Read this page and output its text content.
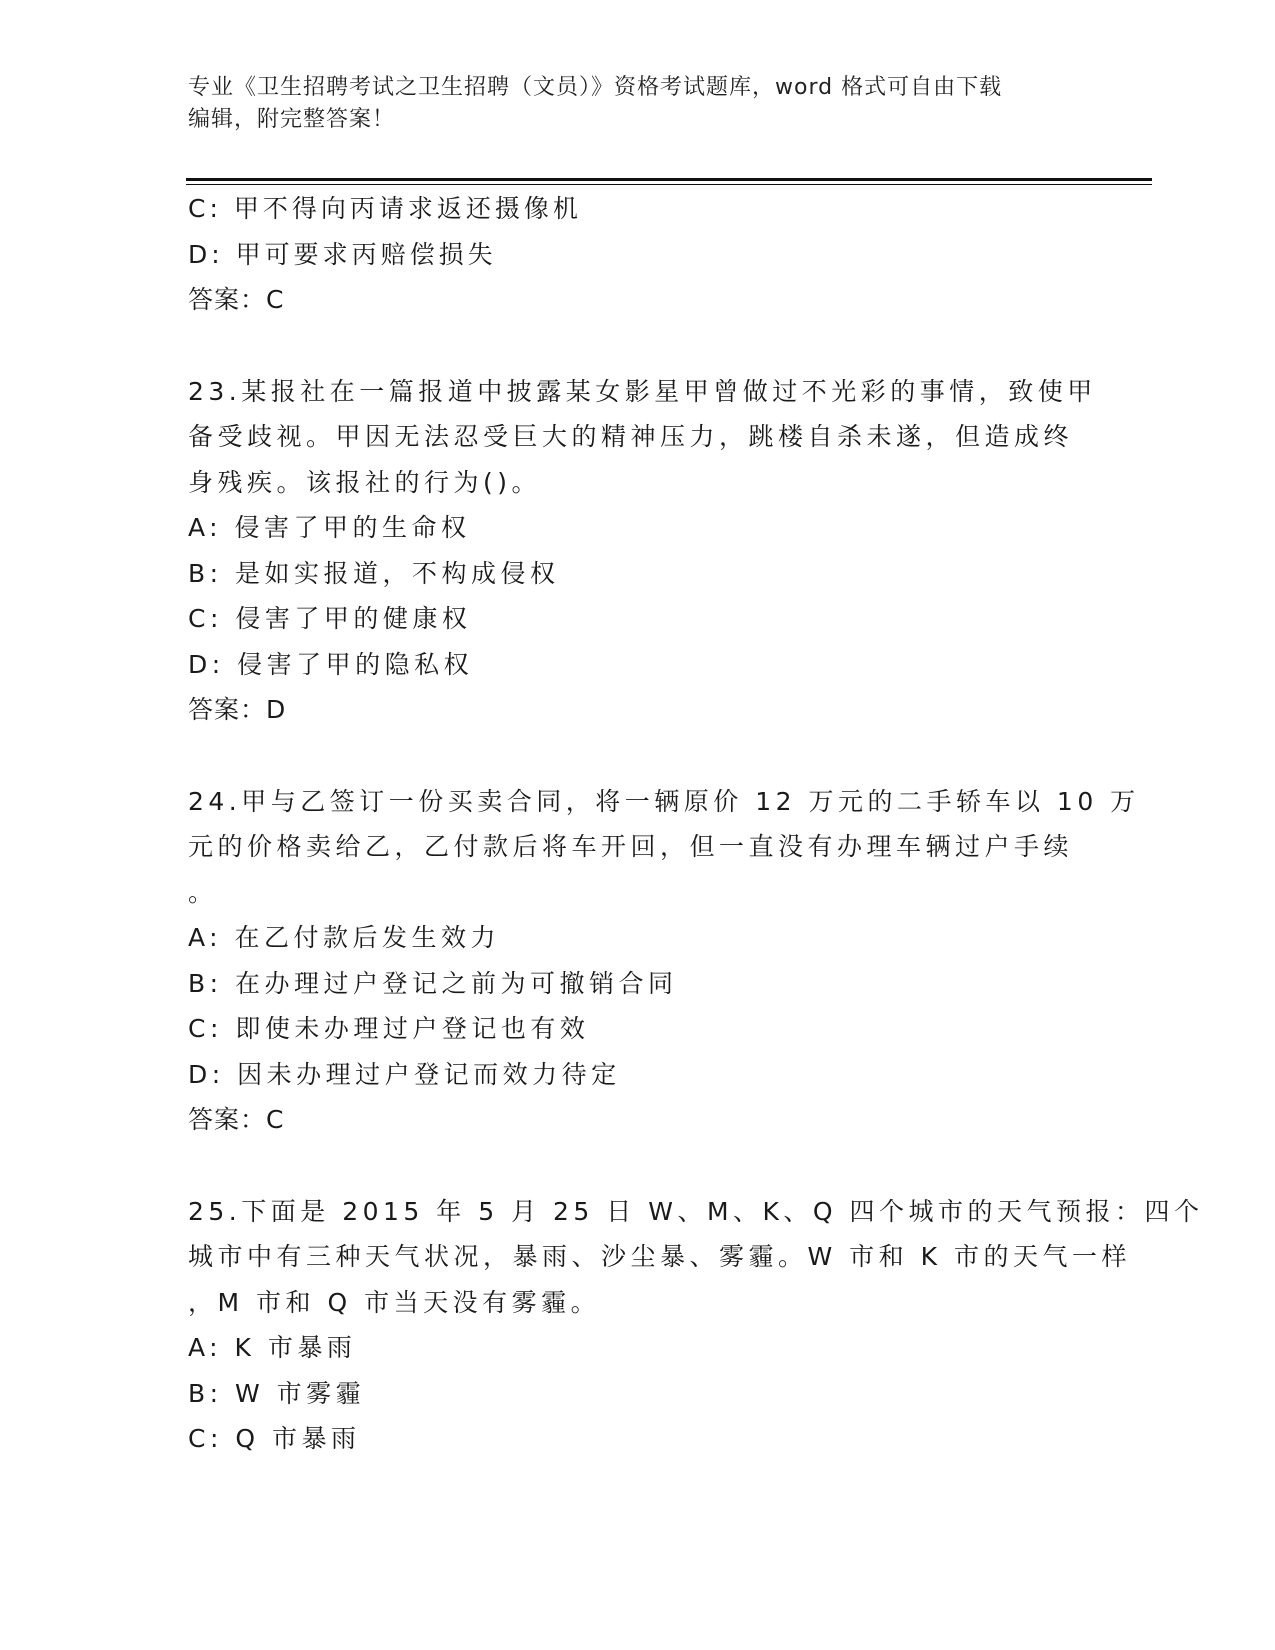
专业《卫生招聘考试之卫生招聘（文员）》资格考试题库，word 格式可自由下载
编辑，附完整答案！
C: 甲不得向丙请求返还摄像机
D: 甲可要求丙赔偿损失
答案：C
23.某报社在一篇报道中披露某女影星甲曾做过不光彩的事情，致使甲
备受歧视。甲因无法忍受巨大的精神压力，跳楼自杀未遂，但造成终
身残疾。该报社的行为()。
A: 侵害了甲的生命权
B: 是如实报道，不构成侵权
C: 侵害了甲的健康权
D: 侵害了甲的隐私权
答案：D
24.甲与乙签订一份买卖合同，将一辆原价 12 万元的二手轿车以 10 万
元的价格卖给乙，乙付款后将车开回，但一直没有办理车辆过户手续
。
A: 在乙付款后发生效力
B: 在办理过户登记之前为可撤销合同
C: 即使未办理过户登记也有效
D: 因未办理过户登记而效力待定
答案：C
25.下面是 2015 年 5 月 25 日 W、M、K、Q 四个城市的天气预报：四个
城市中有三种天气状况，暴雨、沙尘暴、雾霾。W 市和 K 市的天气一样
，M 市和 Q 市当天没有雾霾。
A: K 市暴雨
B: W 市雾霾
C: Q 市暴雨
